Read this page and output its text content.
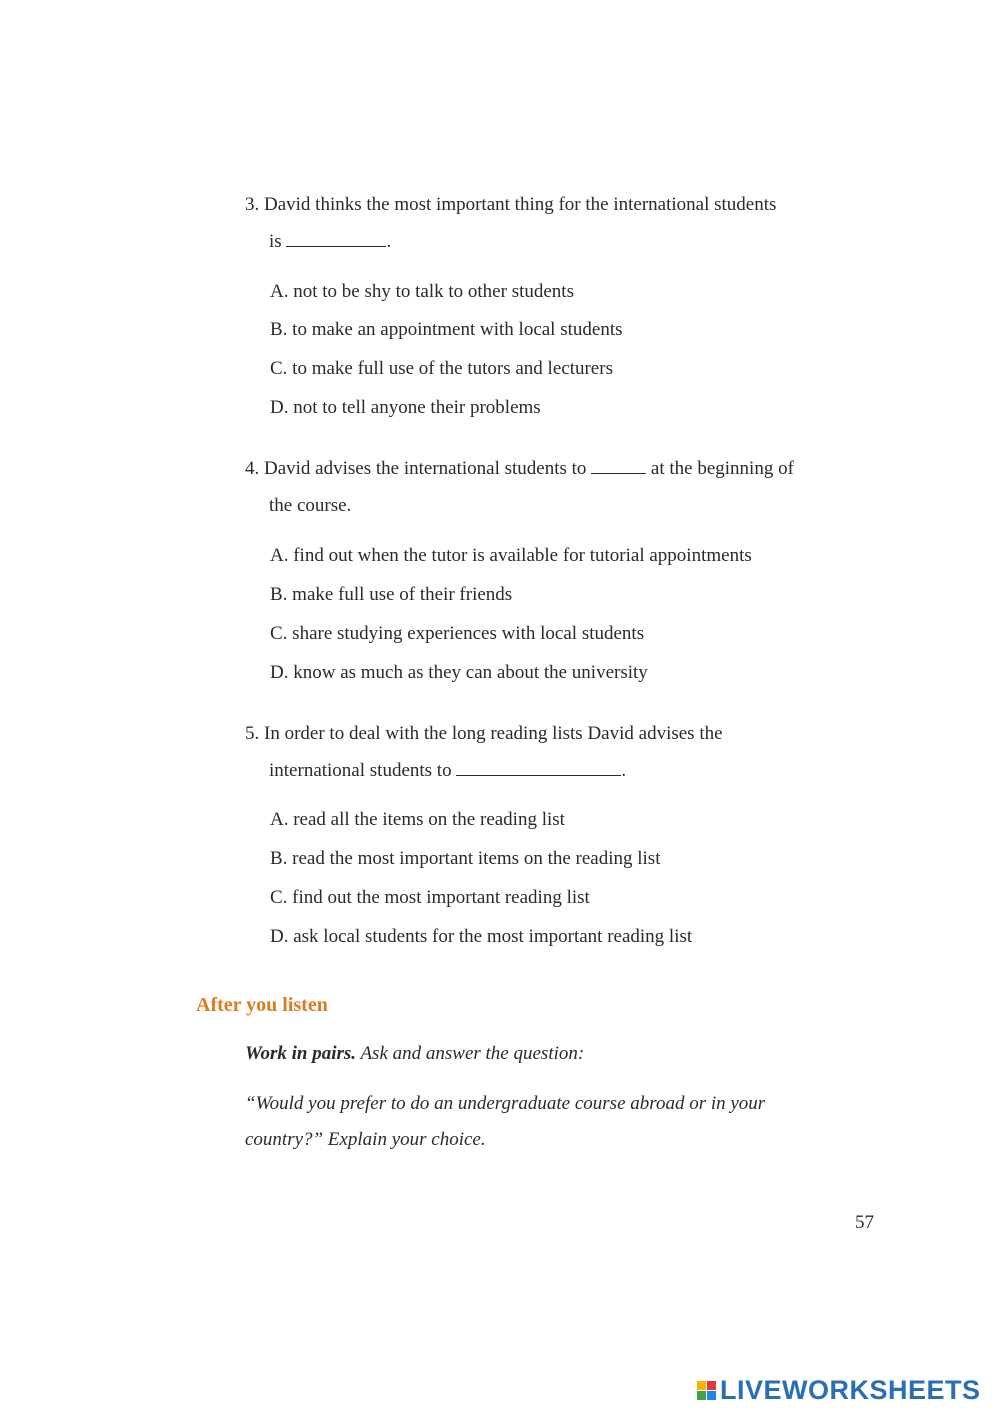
3. David thinks the most important thing for the international students
is	.
A. not to be shy to talk to other students
B. to make an appointment with local students
C. to make full use of the tutors and lecturers
D. not to tell anyone their problems
4. David advises the international students to	at the beginning of
the course.
A. find out when the tutor is available for tutorial appointments
B. make full use of their friends
C. share studying experiences with local students
D. know as much as they can about the university
5. In order to deal with the long reading lists David advises the
international students to	.
A. read all the items on the reading list
B. read the most important items on the reading list
C. find out the most important reading list
D. ask local students for the most important reading list
After you listen
Work in pairs. Ask and answer the question:
“Would you prefer to do an undergraduate course abroad or in your
country?” Explain your choice.
57
LIVEWORKSHEETS
